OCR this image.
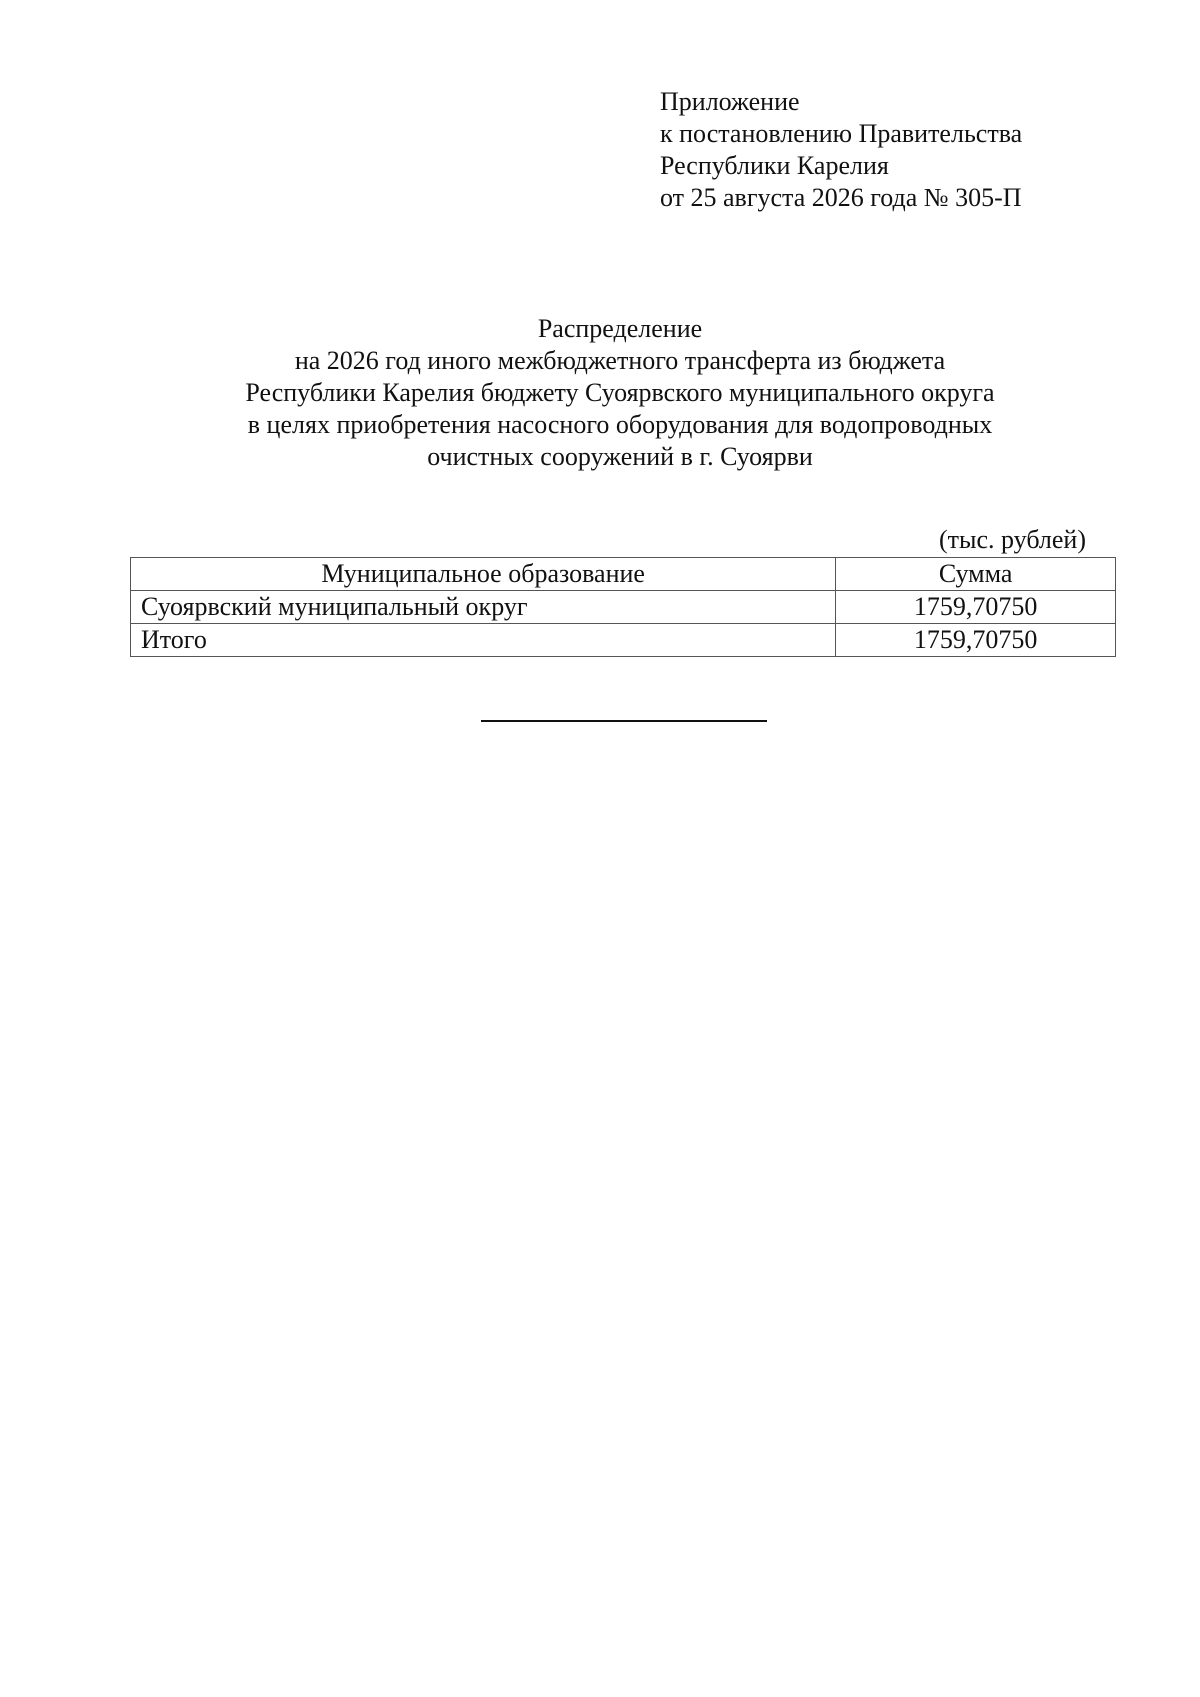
Приложение
к постановлению Правительства
Республики Карелия
от 25 августа 2026 года № 305-П
Распределение
на 2026 год иного межбюджетного трансферта из бюджета
Республики Карелия бюджету Суоярвского муниципального округа
в целях приобретения насосного оборудования для водопроводных
очистных сооружений в г. Суоярви
(тыс. рублей)
Муниципальное образование	Сумма
Суоярвский муниципальный округ	1759,70750
Итого	1759,70750
